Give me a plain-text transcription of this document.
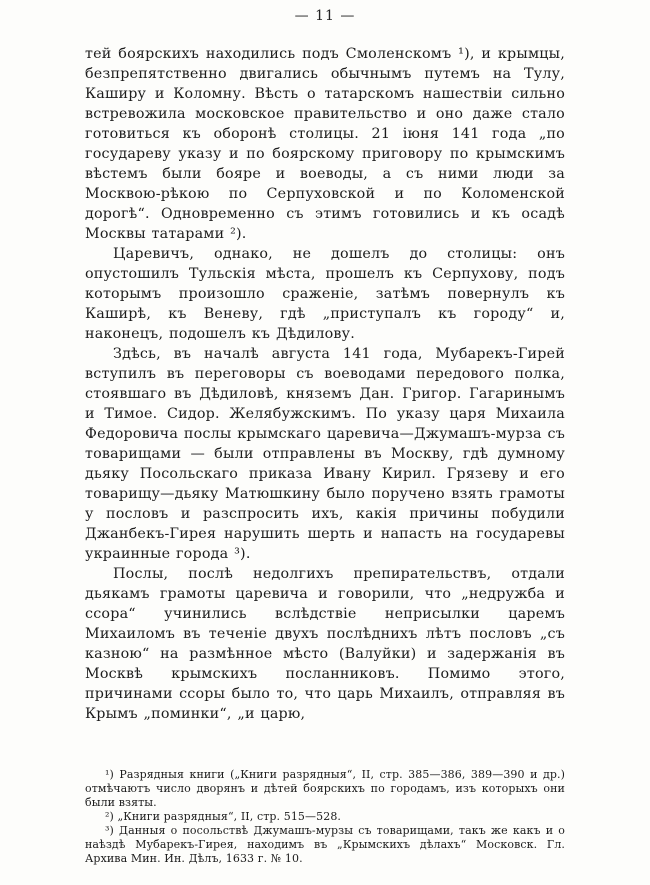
— 11 —

тей боярскихъ находились подъ Смоленскомъ ¹), и крымцы, безпрепятственно двигались обычнымъ путемъ на Тулу, Каширу и Коломну. Вѣсть о татарскомъ нашествіи сильно встревожила московское правительство и оно даже стало готовиться къ оборонѣ столицы. 21 іюня 141 года „по государеву указу и по боярскому приговору по крымскимъ вѣстемъ были бояре и воеводы, а съ ними люди за Москвою-рѣкою по Серпуховской и по Коломенской дорогѣ“. Одновременно съ этимъ готовились и къ осадѣ Москвы татарами ²).

Царевичъ, однако, не дошелъ до столицы: онъ опустошилъ Тульскія мѣста, прошелъ къ Серпухову, подъ которымъ произошло сраженіе, затѣмъ повернулъ къ Каширѣ, къ Веневу, гдѣ „приступалъ къ городу“ и, наконецъ, подошелъ къ Дѣдилову.

Здѣсь, въ началѣ августа 141 года, Мубарекъ-Гирей вступилъ въ переговоры съ воеводами передового полка, стоявшаго въ Дѣдиловѣ, княземъ Дан. Григор. Гагаринымъ и Тимое. Сидор. Желябужскимъ. По указу царя Михаила Федоровича послы крымскаго царевича—Джумашъ-мурза съ товарищами — были отправлены въ Москву, гдѣ думному дьяку Посольскаго приказа Ивану Кирил. Грязеву и его товарищу—дьяку Матюшкину было поручено взять грамоты у пословъ и разспросить ихъ, какія причины побудили Джанбекъ-Гирея нарушить шерть и напасть на государевы украинные города ³).

Послы, послѣ недолгихъ препирательствъ, отдали дьякамъ грамоты царевича и говорили, что „недружба и ссора“ учинились вслѣдствіе неприсылки царемъ Михаиломъ въ теченіе двухъ послѣднихъ лѣтъ пословъ „съ казною“ на размѣнное мѣсто (Валуйки) и задержанія въ Москвѣ крымскихъ посланниковъ. Помимо этого, причинами ссоры было то, что царь Михаилъ, отправляя въ Крымъ „поминки“, „и царю,

¹) Разрядныя книги („Книги разрядныя“, II, стр. 385—386, 389—390 и др.) отмѣчаютъ число дворянъ и дѣтей боярскихъ по городамъ, изъ которыхъ они были взяты.

²) „Книги разрядныя“, II, стр. 515—528.

³) Данныя о посольствѣ Джумашъ-мурзы съ товарищами, такъ же какъ и о наѣздѣ Мубарекъ-Гирея, находимъ въ „Крымскихъ дѣлахъ“ Московск. Гл. Архива Мин. Ин. Дѣлъ, 1633 г. № 10.
